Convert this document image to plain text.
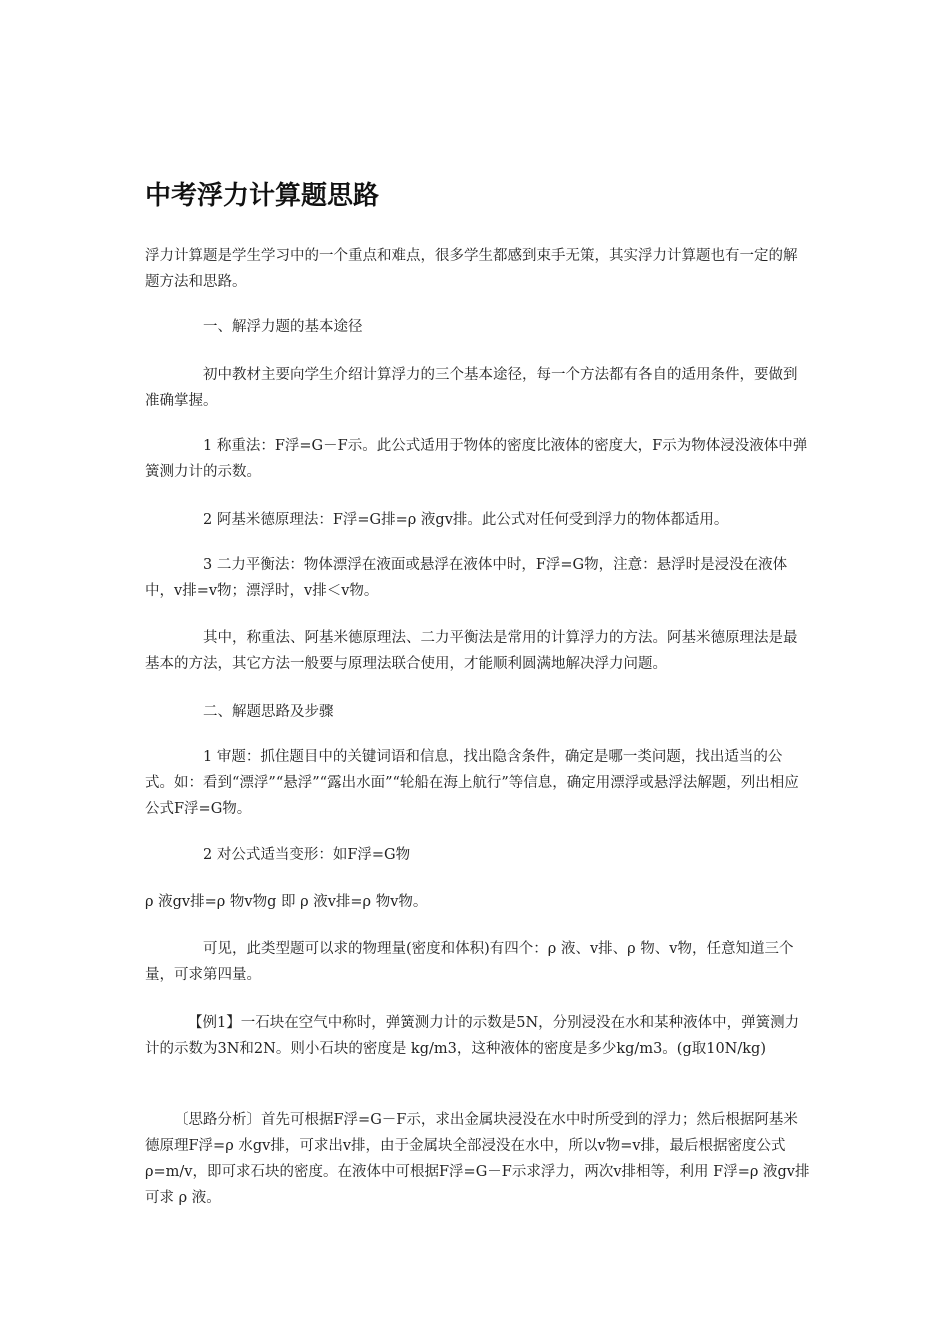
中考浮力计算题思路

浮力计算题是学生学习中的一个重点和难点，很多学生都感到束手无策，其实浮力计算题也有一定的解题方法和思路。

一、解浮力题的基本途径

初中教材主要向学生介绍计算浮力的三个基本途径，每一个方法都有各自的适用条件，要做到准确掌握。

1 称重法：F浮=G－F示。此公式适用于物体的密度比液体的密度大，F示为物体浸没液体中弹簧测力计的示数。

2 阿基米德原理法：F浮=G排=ρ 液gv排。此公式对任何受到浮力的物体都适用。

3 二力平衡法：物体漂浮在液面或悬浮在液体中时，F浮=G物，注意：悬浮时是浸没在液体中，v排=v物；漂浮时，v排＜v物。

其中，称重法、阿基米德原理法、二力平衡法是常用的计算浮力的方法。阿基米德原理法是最基本的方法，其它方法一般要与原理法联合使用，才能顺利圆满地解决浮力问题。

二、解题思路及步骤

1 审题：抓住题目中的关键词语和信息，找出隐含条件，确定是哪一类问题，找出适当的公式。如：看到“漂浮”“悬浮”“露出水面”“轮船在海上航行”等信息，确定用漂浮或悬浮法解题，列出相应公式F浮=G物。

2 对公式适当变形：如F浮=G物

ρ 液gv排=ρ 物v物g 即 ρ 液v排=ρ 物v物。

可见，此类型题可以求的物理量(密度和体积)有四个：ρ 液、v排、ρ 物、v物，任意知道三个量，可求第四量。

【例1】一石块在空气中称时，弹簧测力计的示数是5N，分别浸没在水和某种液体中，弹簧测力计的示数为3N和2N。则小石块的密度是 kg/m3，这种液体的密度是多少kg/m3。(g取10N/kg)

〔思路分析〕首先可根据F浮=G－F示，求出金属块浸没在水中时所受到的浮力；然后根据阿基米德原理F浮=ρ 水gv排，可求出v排，由于金属块全部浸没在水中，所以v物=v排，最后根据密度公式 ρ=m/v，即可求石块的密度。在液体中可根据F浮=G－F示求浮力，两次v排相等，利用 F浮=ρ 液gv排可求 ρ 液。
